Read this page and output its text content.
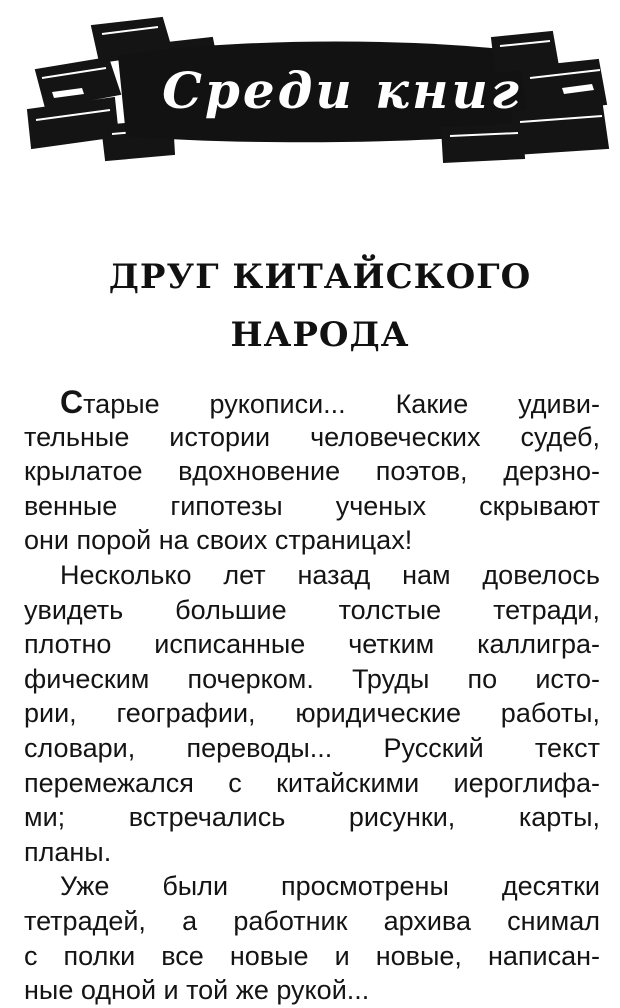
Среди книг
ДРУГ КИТАЙСКОГО
НАРОДА
Старые рукописи... Какие удиви-
тельные истории человеческих судеб,
крылатое вдохновение поэтов, дерзно-
венные гипотезы ученых скрывают
они порой на своих страницах!
Несколько лет назад нам довелось
увидеть большие толстые тетради,
плотно исписанные четким каллигра-
фическим почерком. Труды по исто-
рии, географии, юридические работы,
словари, переводы... Русский текст
перемежался с китайскими иероглифа-
ми; встречались рисунки, карты,
планы.
Уже были просмотрены десятки
тетрадей, а работник архива снимал
с полки все новые и новые, написан-
ные одной и той же рукой...
